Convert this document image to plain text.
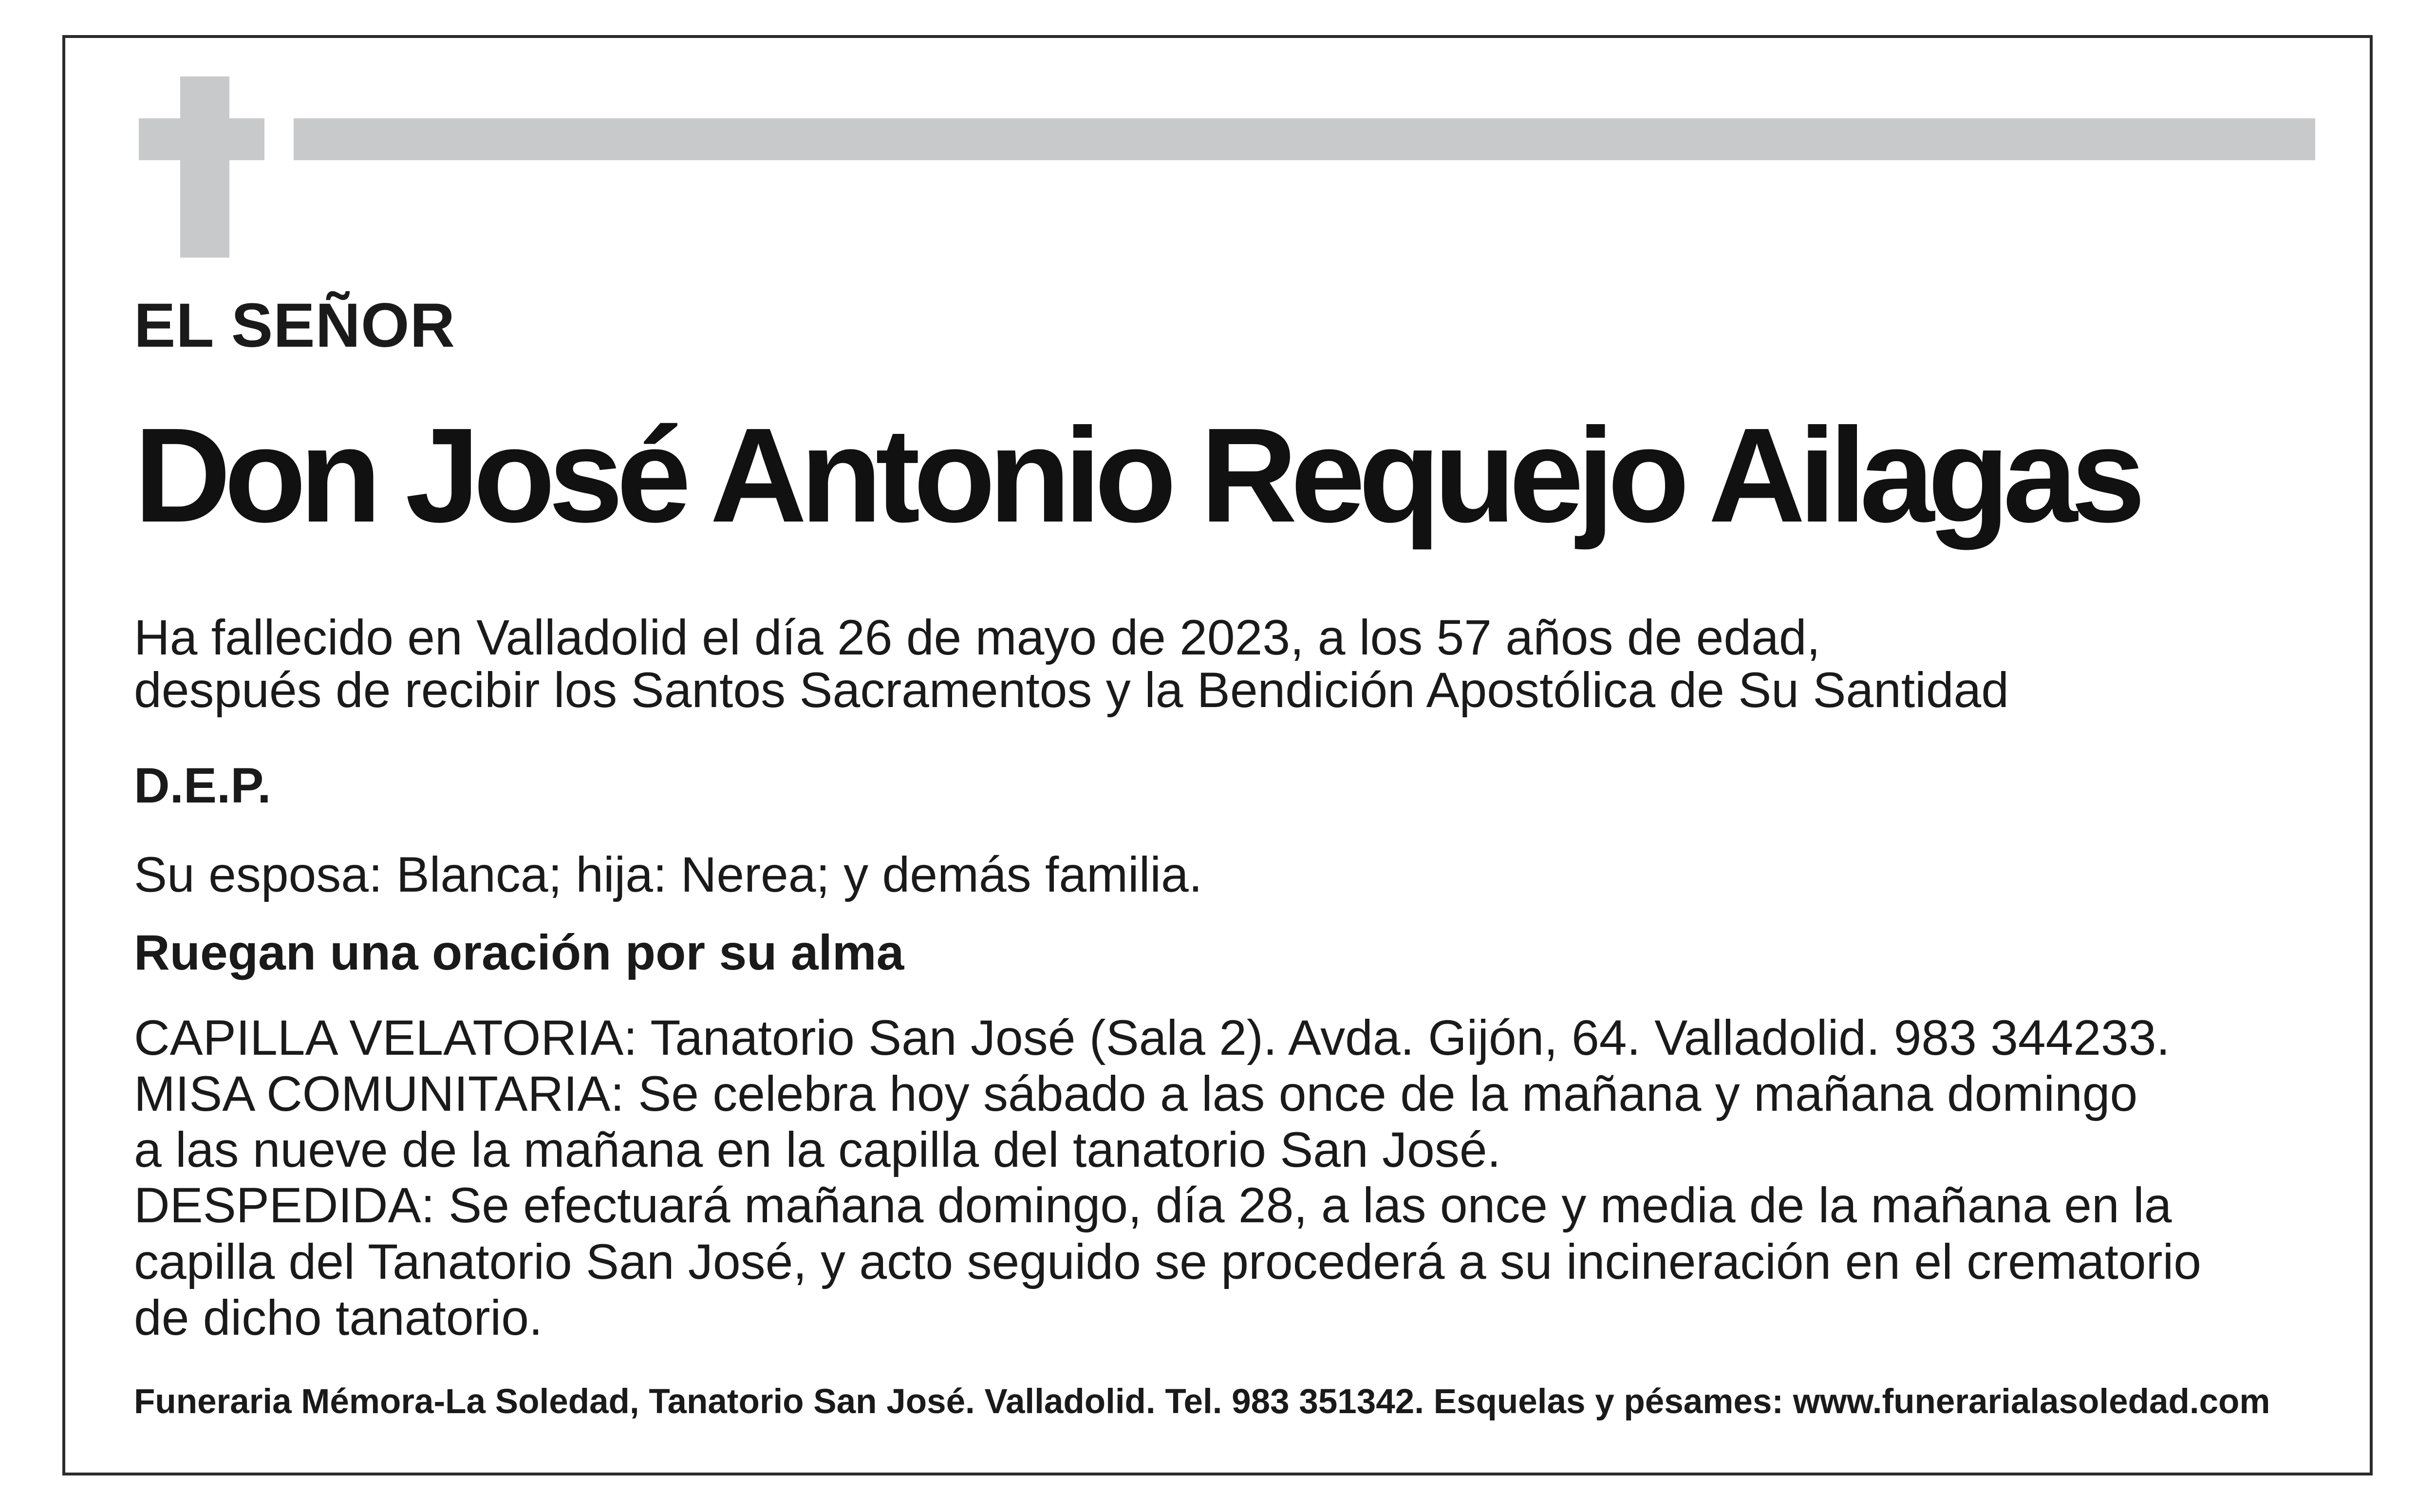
EL SEÑOR
Don José Antonio Requejo Ailagas
Ha fallecido en Valladolid el día 26 de mayo de 2023, a los 57 años de edad,
después de recibir los Santos Sacramentos y la Bendición Apostólica de Su Santidad
D.E.P.
Su esposa: Blanca; hija: Nerea; y demás familia.
Ruegan una oración por su alma
CAPILLA VELATORIA: Tanatorio San José (Sala 2). Avda. Gijón, 64. Valladolid. 983 344233.
MISA COMUNITARIA: Se celebra hoy sábado a las once de la mañana y mañana domingo
a las nueve de la mañana en la capilla del tanatorio San José.
DESPEDIDA: Se efectuará mañana domingo, día 28, a las once y media de la mañana en la
capilla del Tanatorio San José, y acto seguido se procederá a su incineración en el crematorio
de dicho tanatorio.
Funeraria Mémora-La Soledad, Tanatorio San José. Valladolid. Tel. 983 351342. Esquelas y pésames: www.funerarialasoledad.com
